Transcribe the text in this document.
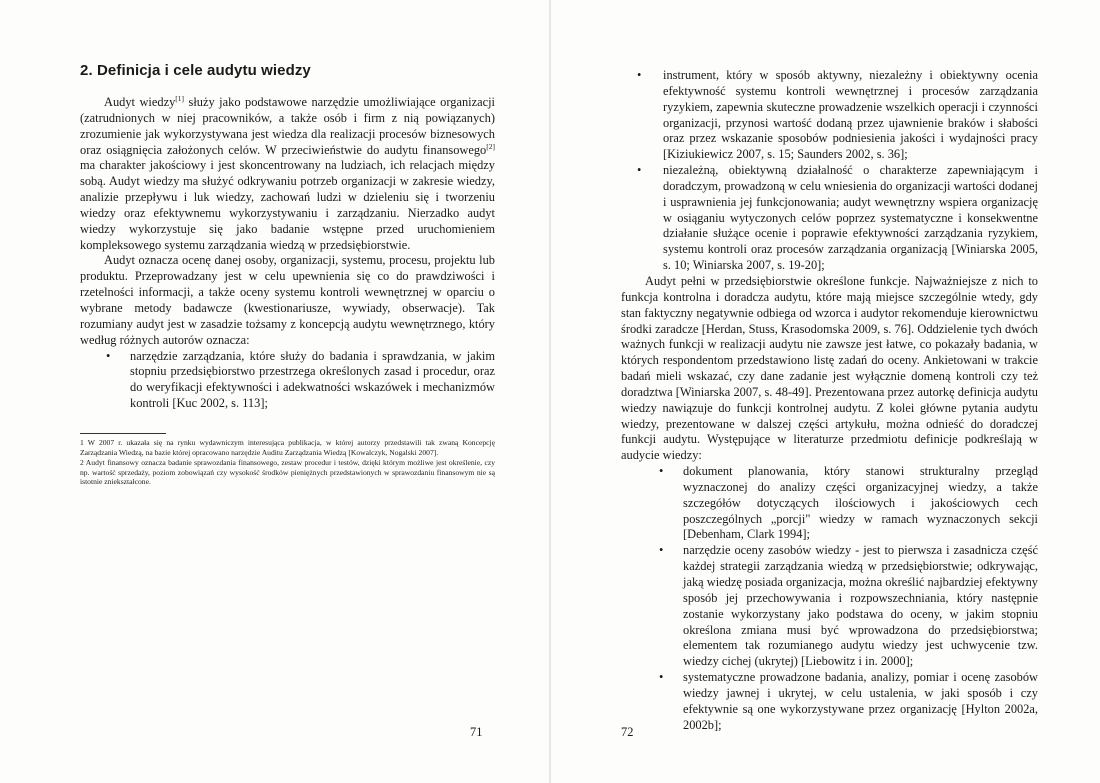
2. Definicja i cele audytu wiedzy

Audyt wiedzy[1] służy jako podstawowe narzędzie umożliwiające organizacji (zatrudnionych w niej pracowników, a także osób i firm z nią powiązanych) zrozumienie jak wykorzystywana jest wiedza dla realizacji procesów biznesowych oraz osiągnięcia założonych celów. W przeciwieństwie do audytu finansowego[2] ma charakter jakościowy i jest skoncentrowany na ludziach, ich relacjach między sobą. Audyt wiedzy ma służyć odkrywaniu potrzeb organizacji w zakresie wiedzy, analizie przepływu i luk wiedzy, zachowań ludzi w dzieleniu się i tworzeniu wiedzy oraz efektywnemu wykorzystywaniu i zarządzaniu. Nierzadko audyt wiedzy wykorzystuje się jako badanie wstępne przed uruchomieniem kompleksowego systemu zarządzania wiedzą w przedsiębiorstwie.

Audyt oznacza ocenę danej osoby, organizacji, systemu, procesu, projektu lub produktu. Przeprowadzany jest w celu upewnienia się co do prawdziwości i rzetelności informacji, a także oceny systemu kontroli wewnętrznej w oparciu o wybrane metody badawcze (kwestionariusze, wywiady, obserwacje). Tak rozumiany audyt jest w zasadzie tożsamy z koncepcją audytu wewnętrznego, który według różnych autorów oznacza:

• narzędzie zarządzania, które służy do badania i sprawdzania, w jakim stopniu przedsiębiorstwo przestrzega określonych zasad i procedur, oraz do weryfikacji efektywności i adekwatności wskazówek i mechanizmów kontroli [Kuc 2002, s. 113];

1 W 2007 r. ukazała się na rynku wydawniczym interesująca publikacja, w której autorzy przedstawili tak zwaną Koncepcję Zarządzania Wiedzą, na bazie której opracowano narzędzie Auditu Zarządzania Wiedzą [Kowalczyk, Nogalski 2007].

2 Audyt finansowy oznacza badanie sprawozdania finansowego, zestaw procedur i testów, dzięki którym możliwe jest określenie, czy np. wartość sprzedaży, poziom zobowiązań czy wysokość środków pieniężnych przedstawionych w sprawozdaniu finansowym nie są istotnie zniekształcone.

71
• instrument, który w sposób aktywny, niezależny i obiektywny ocenia efektywność systemu kontroli wewnętrznej i procesów zarządzania ryzykiem, zapewnia skuteczne prowadzenie wszelkich operacji i czynności organizacji, przynosi wartość dodaną przez ujawnienie braków i słabości oraz przez wskazanie sposobów podniesienia jakości i wydajności pracy [Kiziukiewicz 2007, s. 15; Saunders 2002, s. 36];
• niezależną, obiektywną działalność o charakterze zapewniającym i doradczym, prowadzoną w celu wniesienia do organizacji wartości dodanej i usprawnienia jej funkcjonowania; audyt wewnętrzny wspiera organizację w osiąganiu wytyczonych celów poprzez systematyczne i konsekwentne działanie służące ocenie i poprawie efektywności zarządzania ryzykiem, systemu kontroli oraz procesów zarządzania organizacją [Winiarska 2005, s. 10; Winiarska 2007, s. 19-20];

Audyt pełni w przedsiębiorstwie określone funkcje. Najważniejsze z nich to funkcja kontrolna i doradcza audytu, które mają miejsce szczególnie wtedy, gdy stan faktyczny negatywnie odbiega od wzorca i audytor rekomenduje kierownictwu środki zaradcze [Herdan, Stuss, Krasodomska 2009, s. 76]. Oddzielenie tych dwóch ważnych funkcji w realizacji audytu nie zawsze jest łatwe, co pokazały badania, w których respondentom przedstawiono listę zadań do oceny. Ankietowani w trakcie badań mieli wskazać, czy dane zadanie jest wyłącznie domeną kontroli czy też doradztwa [Winiarska 2007, s. 48-49]. Prezentowana przez autorkę definicja audytu wiedzy nawiązuje do funkcji kontrolnej audytu. Z kolei główne pytania audytu wiedzy, prezentowane w dalszej części artykułu, można odnieść do doradczej funkcji audytu. Występujące w literaturze przedmiotu definicje podkreślają w audycie wiedzy:

• dokument planowania, który stanowi strukturalny przegląd wyznaczonej do analizy części organizacyjnej wiedzy, a także szczegółów dotyczących ilościowych i jakościowych cech poszczególnych „porcji" wiedzy w ramach wyznaczonych sekcji [Debenham, Clark 1994];
• narzędzie oceny zasobów wiedzy - jest to pierwsza i zasadnicza część każdej strategii zarządzania wiedzą w przedsiębiorstwie; odkrywając, jaką wiedzę posiada organizacja, można określić najbardziej efektywny sposób jej przechowywania i rozpowszechniania, który następnie zostanie wykorzystany jako podstawa do oceny, w jakim stopniu określona zmiana musi być wprowadzona do przedsiębiorstwa; elementem tak rozumianego audytu wiedzy jest uchwycenie tzw. wiedzy cichej (ukrytej) [Liebowitz i in. 2000];
• systematyczne prowadzone badania, analizy, pomiar i ocenę zasobów wiedzy jawnej i ukrytej, w celu ustalenia, w jaki sposób i czy efektywnie są one wykorzystywane przez organizację [Hylton 2002a, 2002b];
72
